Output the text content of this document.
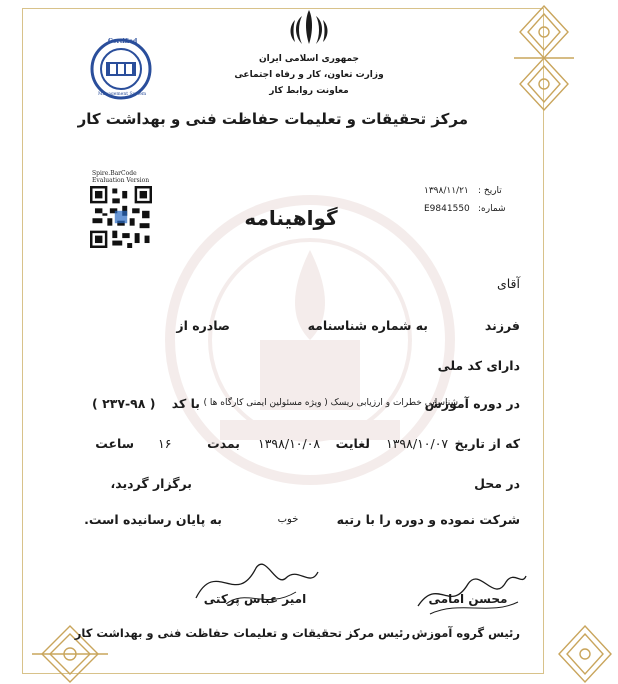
جمهوری اسلامی ایران
وزارت تعاون، کار و رفاه اجتماعی
معاونت روابط کار
مرکز تحقیقات و تعلیمات حفاظت فنی و بهداشت کار
Certified
Management System
Spire.BarCode
Evaluation Version
تاریخ :
۱۳۹۸/۱۱/۲۱
شماره:
E9841550
گواهینامه
آقای
فرزند
به شماره شناسنامه
صادره از
دارای کد ملی
در دوره آموزش
شناسایی خطرات و ارزیابی ریسک ( ویژه مسئولین ایمنی کارگاه ها )
با کد
( ۲۳۷-۹۸ )
که از تاریخ
۱۳۹۸/۱۰/۰۷
لغایت
۱۳۹۸/۱۰/۰۸
بمدت
۱۶
ساعت
در محل
برگزار گردید،
شرکت نموده و دوره را با رتبه
خوب
به پایان رسانیده است.
امیر عباس پرکتی
رئیس مرکز تحقیقات و تعلیمات حفاظت فنی و بهداشت کار
محسن امامی
رئیس گروه آموزش
